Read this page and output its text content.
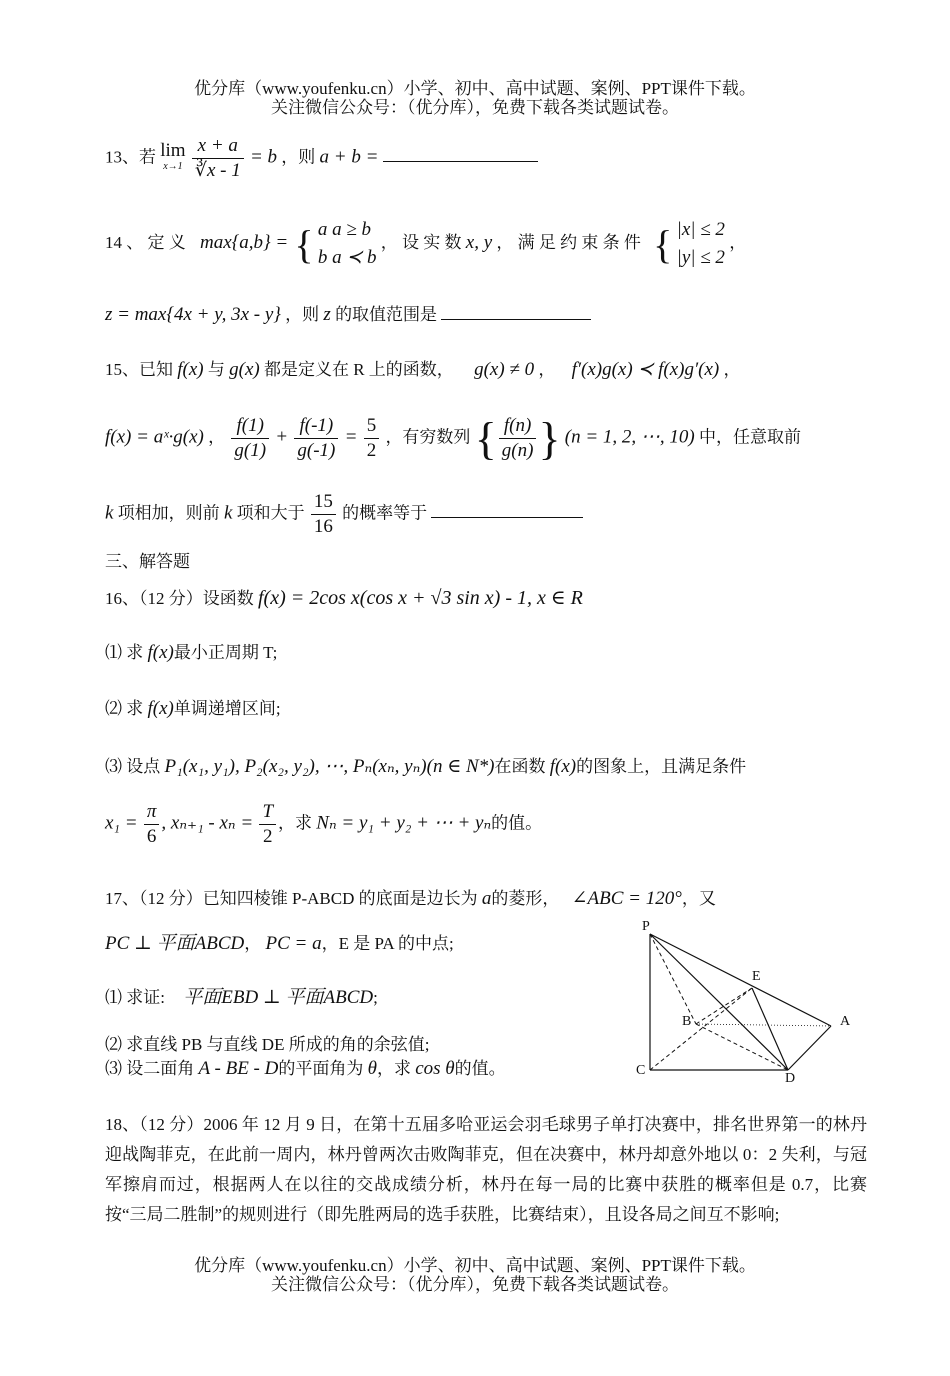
优分库（www.youfenku.cn）小学、初中、高中试题、案例、PPT课件下载。
关注微信公众号：（优分库），免费下载各类试题试卷。
13、若 lim
x→1
$\frac{x + a}{∛x - 1} = b$ ，则 a + b =
14 、 定 义 max{a,b} = { a a ≥ b
b a ≺ b
， 设 实 数 x, y ， 满 足 约 束 条 件 { |x| ≤ 2
|y| ≤ 2
，
z = max{4x + y, 3x - y} ，则 z 的取值范围是
15、已知 f(x) 与 g(x) 都是定义在 R 上的函数， g(x) ≠ 0 ， f′(x)g(x) ≺ f(x)g′(x) ，
f(x) = aˣ·g(x) ， $\frac{f(1)}{g(1)} + \frac{f(-1)}{g(-1)} = \frac{5}{2}$ ，有穷数列 { $\frac{f(n)}{g(n)}$ } (n = 1, 2, ⋯, 10) 中，任意取前
k 项相加，则前 k 项和大于 $\frac{15}{16}$ 的概率等于
三、解答题
16、（12 分）设函数 f(x) = 2cos x(cos x + √3 sin x) - 1, x ∈ R
⑴ 求 f(x)最小正周期 T;
⑵ 求 f(x)单调递增区间;
⑶ 设点 P₁(x₁, y₁), P₂(x₂, y₂), ⋯, Pₙ(xₙ, yₙ)(n ∈ N*)在函数 f(x)的图象上，且满足条件
$x_1 = \frac{\pi}{6}$ , $x_{n+1} - x_n = \frac{T}{2}$ ，求 Nₙ = y₁ + y₂ + ⋯ + yₙ的值。
17、（12 分）已知四棱锥 P-ABCD 的底面是边长为 a的菱形， ∠ABC = 120°，又
PC ⊥ 平面ABCD， PC = a，E 是 PA 的中点;
⑴ 求证: 平面EBD ⊥ 平面ABCD;
⑵ 求直线 PB 与直线 DE 所成的角的余弦值;
⑶ 设二面角 A - BE - D的平面角为 θ，求 cos θ的值。
P
E
B	A
C
D
18、（12 分）2006 年 12 月 9 日，在第十五届多哈亚运会羽毛球男子单打决赛中，排名世界第一的林丹迎战陶菲克，在此前一周内，林丹曾两次击败陶菲克，但在决赛中，林丹却意外地以 0：2 失利，与冠军擦肩而过，根据两人在以往的交战成绩分析，林丹在每一局的比赛中获胜的概率但是 0.7，比赛按“三局二胜制”的规则进行（即先胜两局的选手获胜，比赛结束），且设各局之间互不影响;
优分库（www.youfenku.cn）小学、初中、高中试题、案例、PPT课件下载。
关注微信公众号：（优分库），免费下载各类试题试卷。
